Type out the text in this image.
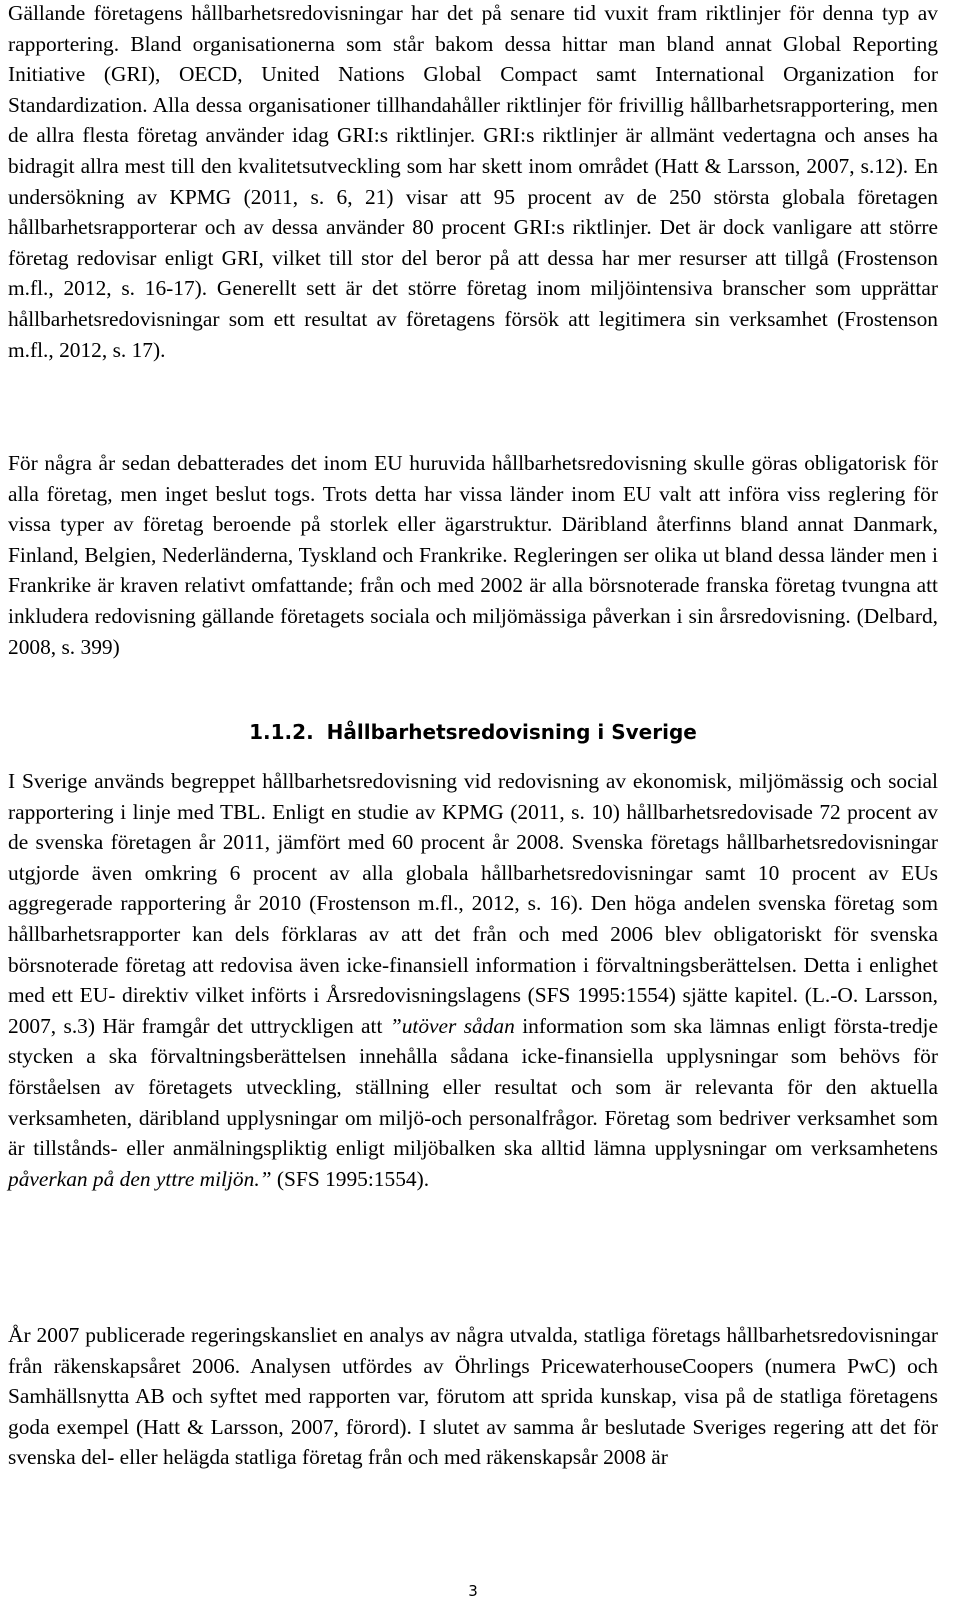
Gällande företagens hållbarhetsredovisningar har det på senare tid vuxit fram riktlinjer för denna typ av rapportering. Bland organisationerna som står bakom dessa hittar man bland annat Global Reporting Initiative (GRI), OECD, United Nations Global Compact samt International Organization for Standardization. Alla dessa organisationer tillhandahåller riktlinjer för frivillig hållbarhetsrapportering, men de allra flesta företag använder idag GRI:s riktlinjer. GRI:s riktlinjer är allmänt vedertagna och anses ha bidragit allra mest till den kvalitetsutveckling som har skett inom området (Hatt & Larsson, 2007, s.12). En undersökning av KPMG (2011, s. 6, 21) visar att 95 procent av de 250 största globala företagen hållbarhetsrapporterar och av dessa använder 80 procent GRI:s riktlinjer. Det är dock vanligare att större företag redovisar enligt GRI, vilket till stor del beror på att dessa har mer resurser att tillgå (Frostenson m.fl., 2012, s. 16-17). Generellt sett är det större företag inom miljöintensiva branscher som upprättar hållbarhetsredovisningar som ett resultat av företagens försök att legitimera sin verksamhet (Frostenson m.fl., 2012, s. 17).

För några år sedan debatterades det inom EU huruvida hållbarhetsredovisning skulle göras obligatorisk för alla företag, men inget beslut togs. Trots detta har vissa länder inom EU valt att införa viss reglering för vissa typer av företag beroende på storlek eller ägarstruktur. Däribland återfinns bland annat Danmark, Finland, Belgien, Nederländerna, Tyskland och Frankrike. Regleringen ser olika ut bland dessa länder men i Frankrike är kraven relativt omfattande; från och med 2002 är alla börsnoterade franska företag tvungna att inkludera redovisning gällande företagets sociala och miljömässiga påverkan i sin årsredovisning. (Delbard, 2008, s. 399)

1.1.2. Hållbarhetsredovisning i Sverige

I Sverige används begreppet hållbarhetsredovisning vid redovisning av ekonomisk, miljömässig och social rapportering i linje med TBL. Enligt en studie av KPMG (2011, s. 10) hållbarhetsredovisade 72 procent av de svenska företagen år 2011, jämfört med 60 procent år 2008. Svenska företags hållbarhetsredovisningar utgjorde även omkring 6 procent av alla globala hållbarhetsredovisningar samt 10 procent av EUs aggregerade rapportering år 2010 (Frostenson m.fl., 2012, s. 16). Den höga andelen svenska företag som hållbarhetsrapporter kan dels förklaras av att det från och med 2006 blev obligatoriskt för svenska börsnoterade företag att redovisa även icke-finansiell information i förvaltningsberättelsen. Detta i enlighet med ett EU- direktiv vilket införts i Årsredovisningslagens (SFS 1995:1554) sjätte kapitel. (L.-O. Larsson, 2007, s.3) Här framgår det uttryckligen att ”utöver sådan information som ska lämnas enligt första-tredje stycken a ska förvaltningsberättelsen innehålla sådana icke-finansiella upplysningar som behövs för förståelsen av företagets utveckling, ställning eller resultat och som är relevanta för den aktuella verksamheten, däribland upplysningar om miljö-och personalfrågor. Företag som bedriver verksamhet som är tillstånds- eller anmälningspliktig enligt miljöbalken ska alltid lämna upplysningar om verksamhetens påverkan på den yttre miljön.” (SFS 1995:1554).

År 2007 publicerade regeringskansliet en analys av några utvalda, statliga företags hållbarhetsredovisningar från räkenskapsåret 2006. Analysen utfördes av Öhrlings PricewaterhouseCoopers (numera PwC) och Samhällsnytta AB och syftet med rapporten var, förutom att sprida kunskap, visa på de statliga företagens goda exempel (Hatt & Larsson, 2007, förord). I slutet av samma år beslutade Sveriges regering att det för svenska del- eller helägda statliga företag från och med räkenskapsår 2008 är

3
